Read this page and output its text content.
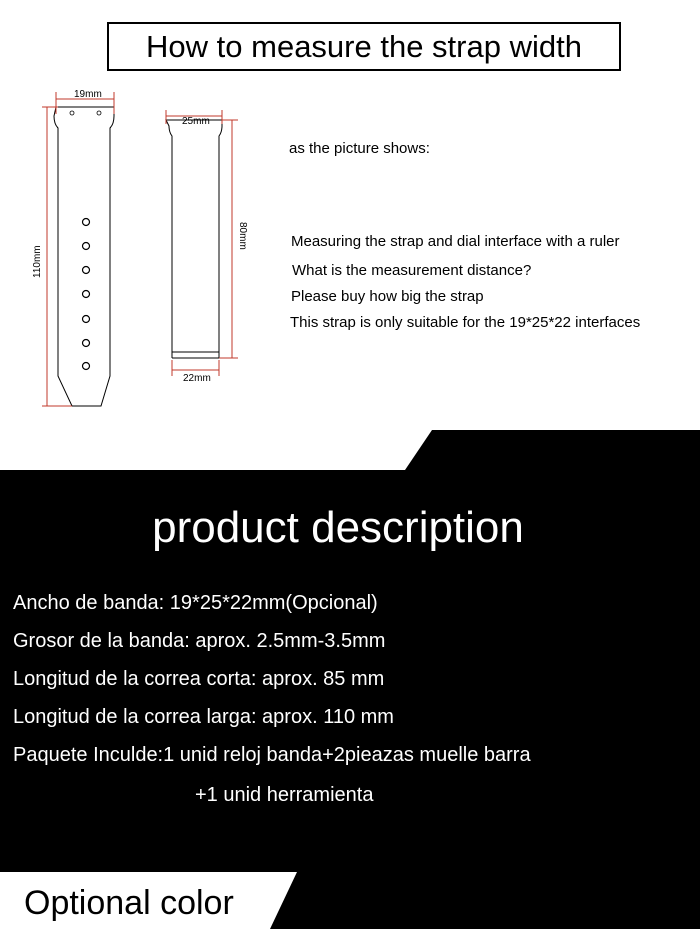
How to measure the strap width
19mm
110mm
25mm
80mm
22mm
as the picture shows:
Measuring the strap and dial interface with a ruler
What is the measurement distance?
Please buy how big the strap
This strap is only suitable for the 19*25*22 interfaces
product description
Ancho de banda: 19*25*22mm(Opcional)
Grosor de la banda: aprox. 2.5mm-3.5mm
Longitud de la correa corta: aprox. 85 mm
Longitud de la correa larga: aprox. 110 mm
Paquete Inculde:1 unid reloj banda+2pieazas muelle barra
+1 unid herramienta
Optional color
